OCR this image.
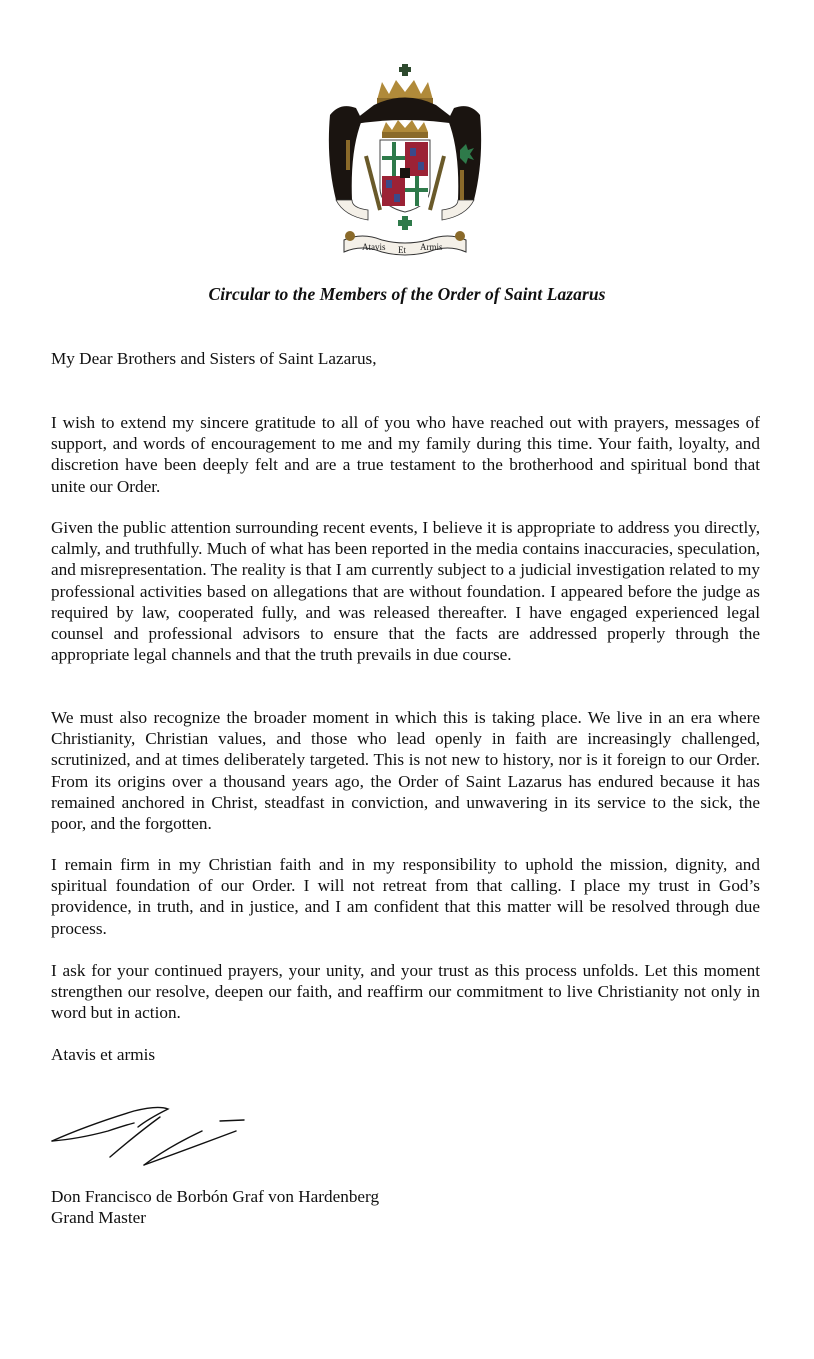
Atavis Et Armis
Circular to the Members of the Order of Saint Lazarus
My Dear Brothers and Sisters of Saint Lazarus,
I wish to extend my sincere gratitude to all of you who have reached out with prayers, messages of support, and words of encouragement to me and my family during this time. Your faith, loyalty, and discretion have been deeply felt and are a true testament to the brotherhood and spiritual bond that unite our Order.
Given the public attention surrounding recent events, I believe it is appropriate to address you directly, calmly, and truthfully. Much of what has been reported in the media contains inaccuracies, speculation, and misrepresentation. The reality is that I am currently subject to a judicial investigation related to my professional activities based on allegations that are without foundation. I appeared before the judge as required by law, cooperated fully, and was released thereafter. I have engaged experienced legal counsel and professional advisors to ensure that the facts are addressed properly through the appropriate legal channels and that the truth prevails in due course.
We must also recognize the broader moment in which this is taking place. We live in an era where Christianity, Christian values, and those who lead openly in faith are increasingly challenged, scrutinized, and at times deliberately targeted. This is not new to history, nor is it foreign to our Order. From its origins over a thousand years ago, the Order of Saint Lazarus has endured because it has remained anchored in Christ, steadfast in conviction, and unwavering in its service to the sick, the poor, and the forgotten.
I remain firm in my Christian faith and in my responsibility to uphold the mission, dignity, and spiritual foundation of our Order. I will not retreat from that calling. I place my trust in God’s providence, in truth, and in justice, and I am confident that this matter will be resolved through due process.
I ask for your continued prayers, your unity, and your trust as this process unfolds. Let this moment strengthen our resolve, deepen our faith, and reaffirm our commitment to live Christianity not only in word but in action.
Atavis et armis
Don Francisco de Borbón Graf von Hardenberg
Grand Master
